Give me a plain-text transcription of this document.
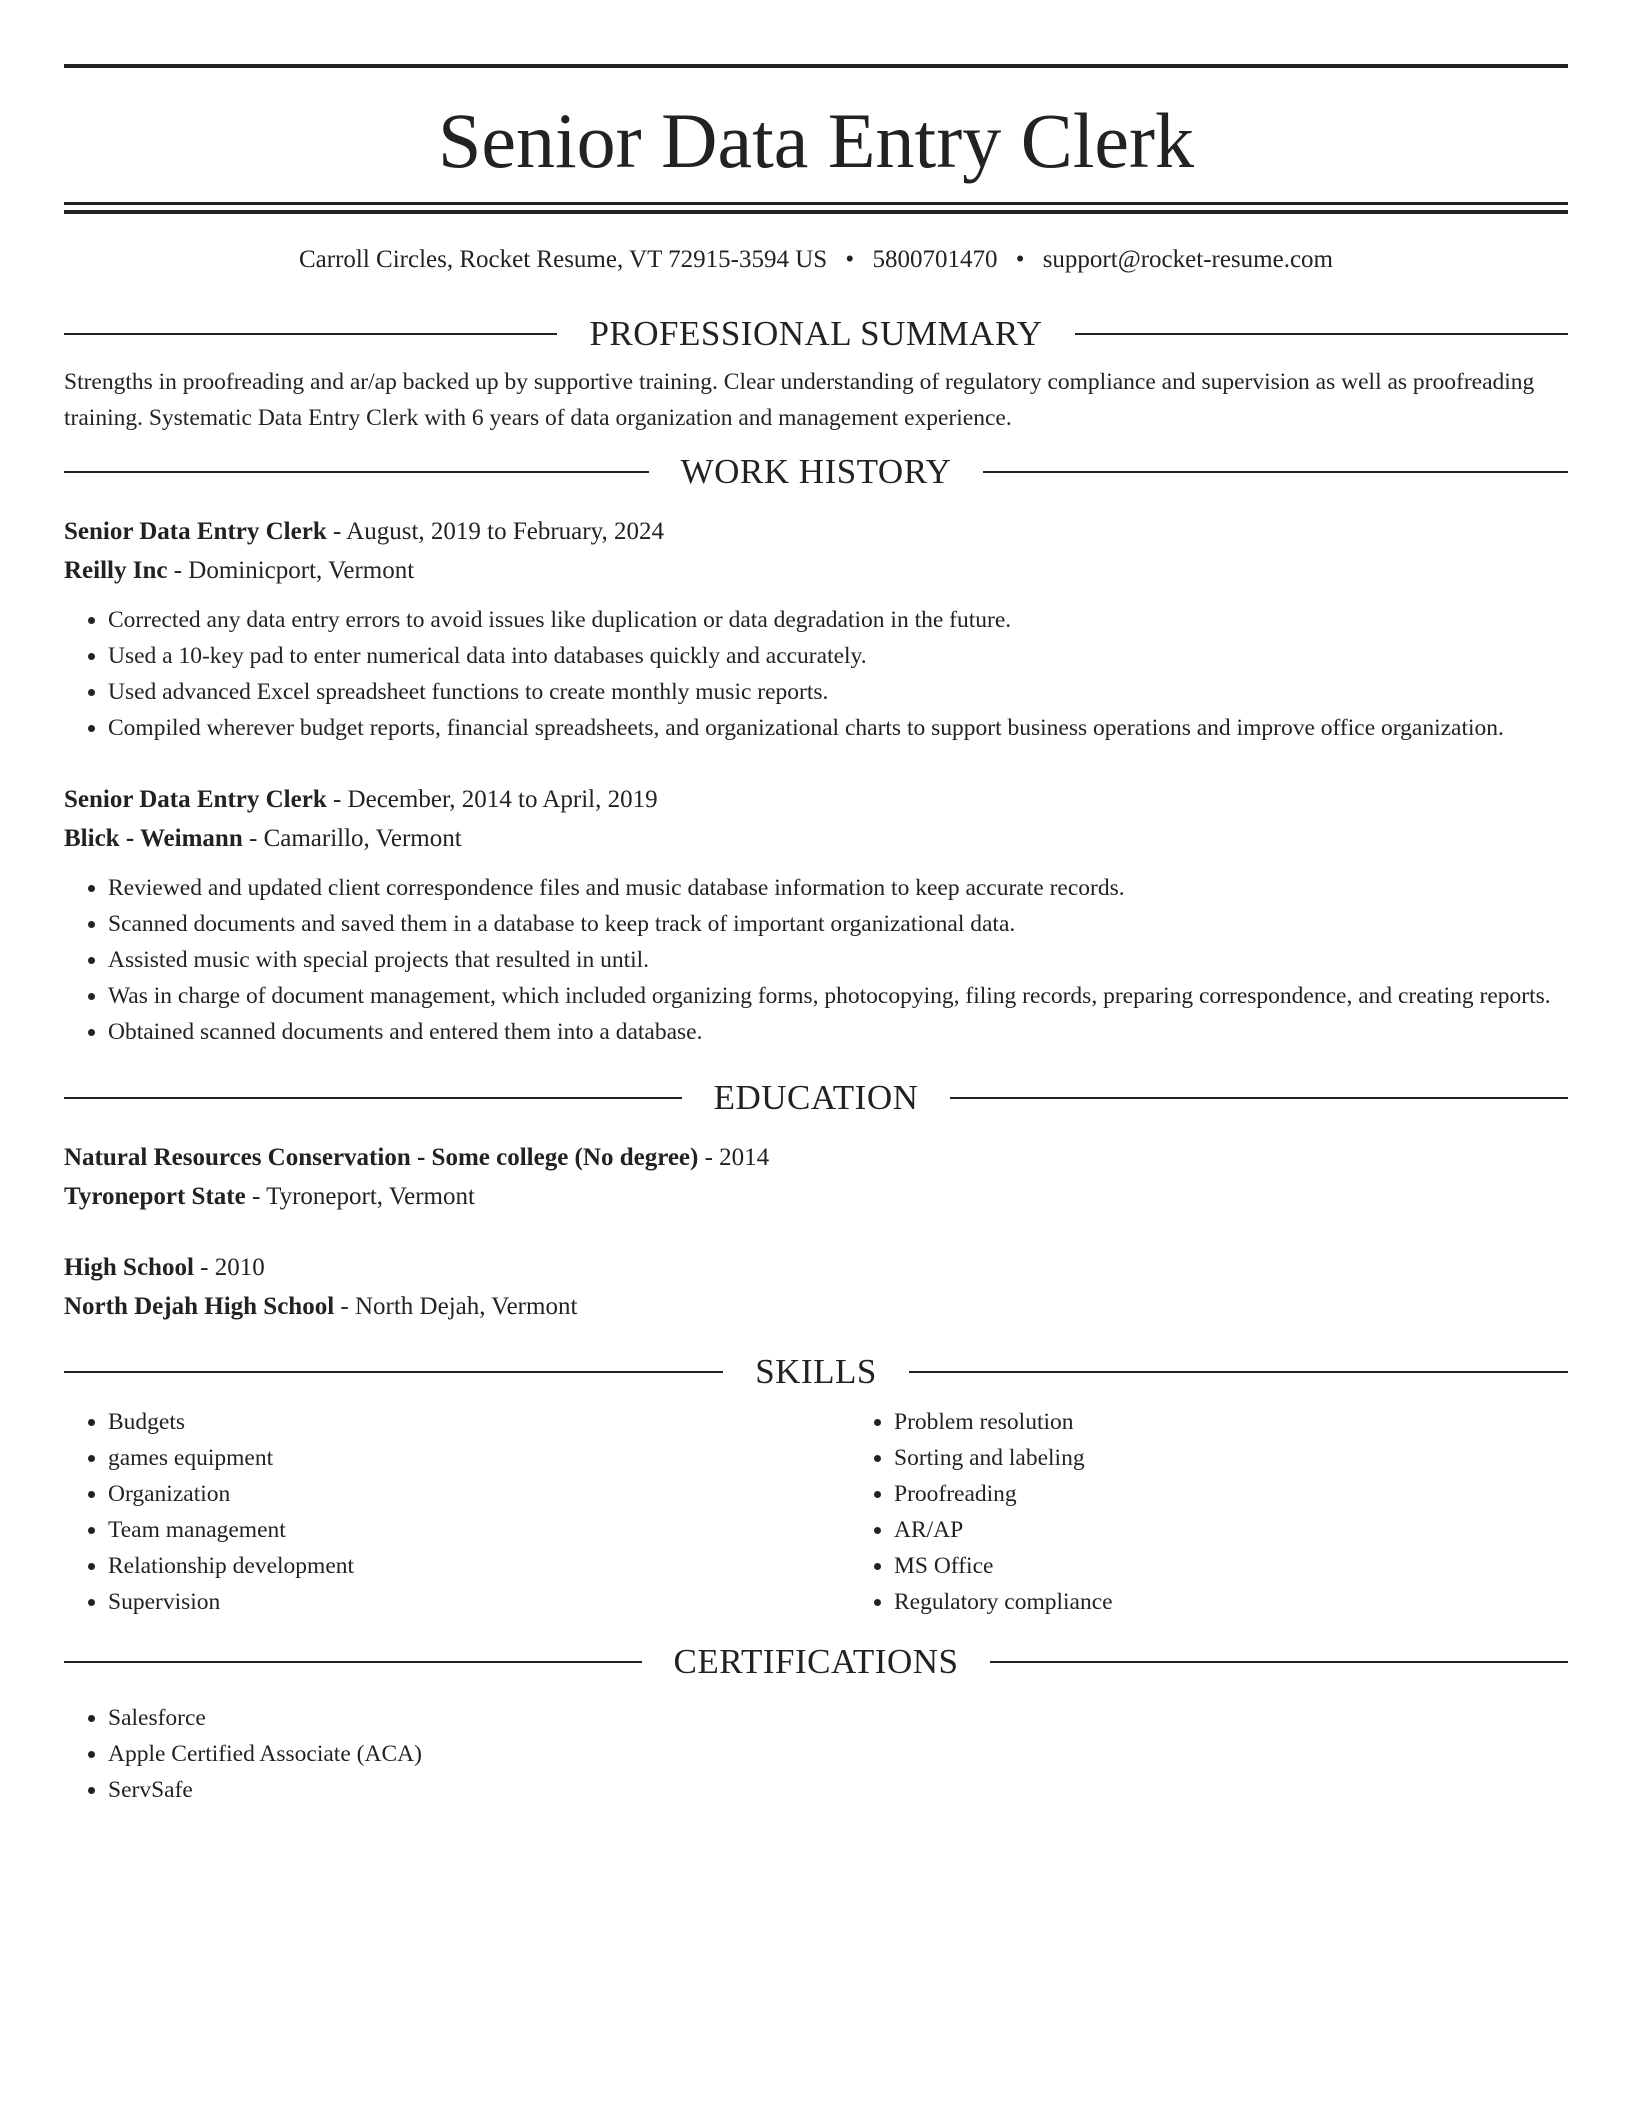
Senior Data Entry Clerk
Carroll Circles, Rocket Resume, VT 72915-3594 US • 5800701470 • support@rocket-resume.com
PROFESSIONAL SUMMARY
Strengths in proofreading and ar/ap backed up by supportive training. Clear understanding of regulatory compliance and supervision as well as proofreading training. Systematic Data Entry Clerk with 6 years of data organization and management experience.
WORK HISTORY
Senior Data Entry Clerk - August, 2019 to February, 2024
Reilly Inc - Dominicport, Vermont
• Corrected any data entry errors to avoid issues like duplication or data degradation in the future.
• Used a 10-key pad to enter numerical data into databases quickly and accurately.
• Used advanced Excel spreadsheet functions to create monthly music reports.
• Compiled wherever budget reports, financial spreadsheets, and organizational charts to support business operations and improve office organization.
Senior Data Entry Clerk - December, 2014 to April, 2019
Blick - Weimann - Camarillo, Vermont
• Reviewed and updated client correspondence files and music database information to keep accurate records.
• Scanned documents and saved them in a database to keep track of important organizational data.
• Assisted music with special projects that resulted in until.
• Was in charge of document management, which included organizing forms, photocopying, filing records, preparing correspondence, and creating reports.
• Obtained scanned documents and entered them into a database.
EDUCATION
Natural Resources Conservation - Some college (No degree) - 2014
Tyroneport State - Tyroneport, Vermont
High School - 2010
North Dejah High School - North Dejah, Vermont
SKILLS
• Budgets
• games equipment
• Organization
• Team management
• Relationship development
• Supervision
• Problem resolution
• Sorting and labeling
• Proofreading
• AR/AP
• MS Office
• Regulatory compliance
CERTIFICATIONS
• Salesforce
• Apple Certified Associate (ACA)
• ServSafe
